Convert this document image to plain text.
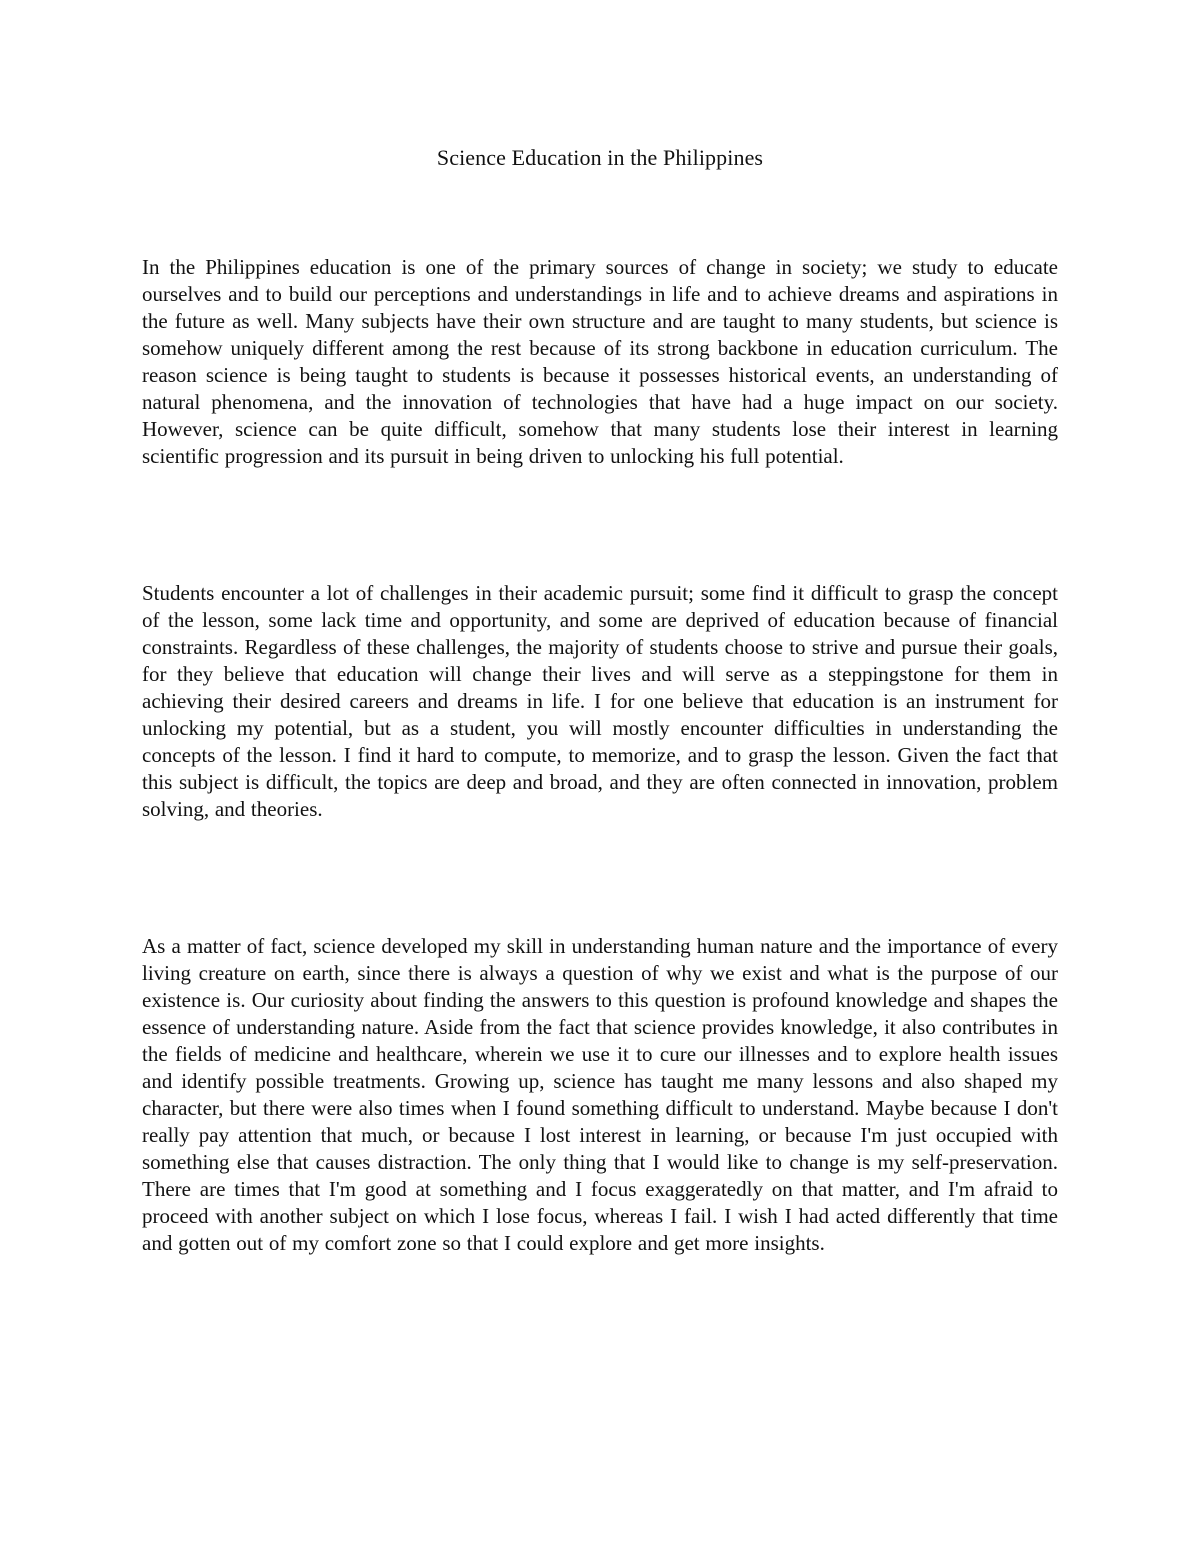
Science Education in the Philippines

In the Philippines education is one of the primary sources of change in society; we study to educate ourselves and to build our perceptions and understandings in life and to achieve dreams and aspirations in the future as well. Many subjects have their own structure and are taught to many students, but science is somehow uniquely different among the rest because of its strong backbone in education curriculum. The reason science is being taught to students is because it possesses historical events, an understanding of natural phenomena, and the innovation of technologies that have had a huge impact on our society. However, science can be quite difficult, somehow that many students lose their interest in learning scientific progression and its pursuit in being driven to unlocking his full potential.

Students encounter a lot of challenges in their academic pursuit; some find it difficult to grasp the concept of the lesson, some lack time and opportunity, and some are deprived of education because of financial constraints. Regardless of these challenges, the majority of students choose to strive and pursue their goals, for they believe that education will change their lives and will serve as a steppingstone for them in achieving their desired careers and dreams in life. I for one believe that education is an instrument for unlocking my potential, but as a student, you will mostly encounter difficulties in understanding the concepts of the lesson. I find it hard to compute, to memorize, and to grasp the lesson. Given the fact that this subject is difficult, the topics are deep and broad, and they are often connected in innovation, problem solving, and theories.

As a matter of fact, science developed my skill in understanding human nature and the importance of every living creature on earth, since there is always a question of why we exist and what is the purpose of our existence is. Our curiosity about finding the answers to this question is profound knowledge and shapes the essence of understanding nature. Aside from the fact that science provides knowledge, it also contributes in the fields of medicine and healthcare, wherein we use it to cure our illnesses and to explore health issues and identify possible treatments. Growing up, science has taught me many lessons and also shaped my character, but there were also times when I found something difficult to understand. Maybe because I don't really pay attention that much, or because I lost interest in learning, or because I'm just occupied with something else that causes distraction. The only thing that I would like to change is my self-preservation. There are times that I'm good at something and I focus exaggeratedly on that matter, and I'm afraid to proceed with another subject on which I lose focus, whereas I fail. I wish I had acted differently that time and gotten out of my comfort zone so that I could explore and get more insights.
